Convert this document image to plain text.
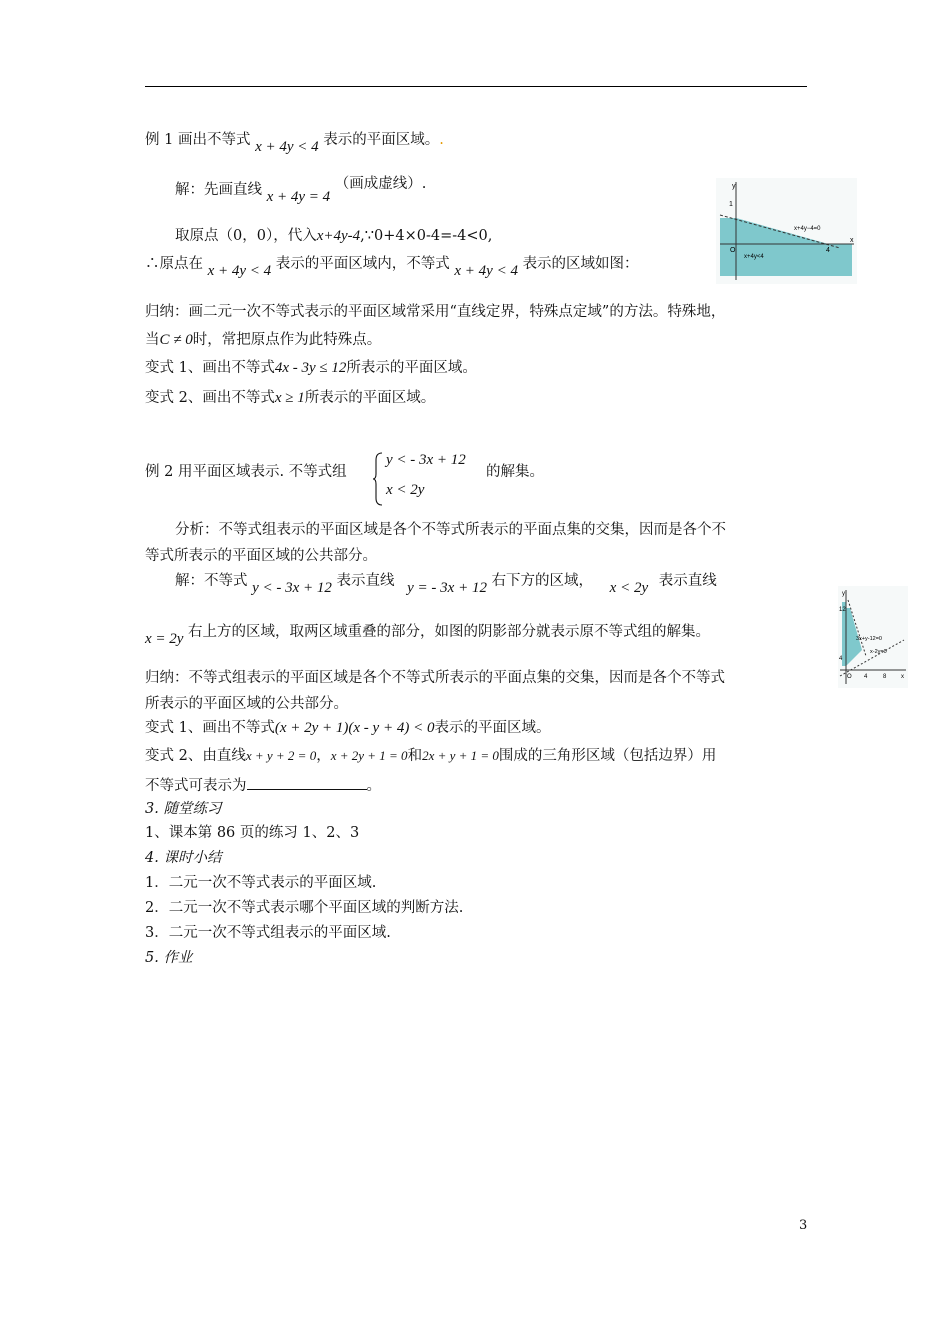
例 1 画出不等式 x + 4y < 4 表示的平面区域。.
解：先画直线 x + 4y = 4 （画成虚线）.
取原点（0，0），代入x+4y-4,∵0+4×0-4=-4<0,
∴原点在 x + 4y < 4 表示的平面区域内，不等式 x + 4y < 4 表示的区域如图：
y
x
1
4
O
x+4y−4=0
x+4y<4
归纳：画二元一次不等式表示的平面区域常采用“直线定界，特殊点定域”的方法。特殊地，
当C ≠ 0时，常把原点作为此特殊点。
变式 1、画出不等式4x - 3y ≤ 12所表示的平面区域。
变式 2、画出不等式x ≥ 1所表示的平面区域。
例 2 用平面区域表示. 不等式组
y < - 3x + 12
x < 2y
的解集。
分析：不等式组表示的平面区域是各个不等式所表示的平面点集的交集，因而是各个不
等式所表示的平面区域的公共部分。
解：不等式 y < - 3x + 12 表示直线 y = - 3x + 12 右下方的区域， x < 2y 表示直线
x = 2y 右上方的区域，取两区域重叠的部分，如图的阴影部分就表示原不等式组的解集。
y
x
12
4
4	8
O
3x+y-12=0
x-2y=0
归纳：不等式组表示的平面区域是各个不等式所表示的平面点集的交集，因而是各个不等式
所表示的平面区域的公共部分。
变式 1、画出不等式(x + 2y + 1)(x - y + 4) < 0表示的平面区域。
变式 2、由直线x + y + 2 = 0，x + 2y + 1 = 0和2x + y + 1 = 0围成的三角形区域（包括边界）用
不等式可表示为	。
3. 随堂练习
1、课本第 86 页的练习 1、2、3
4. 课时小结
1．二元一次不等式表示的平面区域.
2．二元一次不等式表示哪个平面区域的判断方法.
3．二元一次不等式组表示的平面区域.
5. 作业
3
